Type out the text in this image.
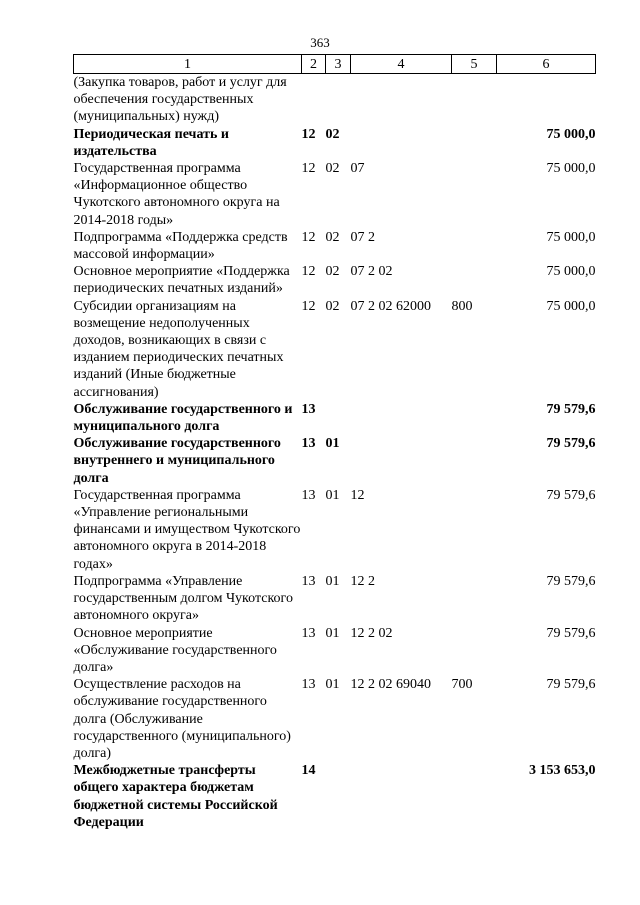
363
1	2	3	4	5	6
(Закупка товаров, работ и услуг для обеспечения государственных (муниципальных) нужд)					
Периодическая печать и издательства	12	02			75 000,0
Государственная программа «Информационное общество Чукотского автономного округа на 2014-2018 годы»	12	02	07		75 000,0
Подпрограмма «Поддержка средств массовой информации»	12	02	07 2		75 000,0
Основное мероприятие «Поддержка периодических печатных изданий»	12	02	07 2 02		75 000,0
Субсидии организациям на возмещение недополученных доходов, возникающих в связи с изданием периодических печатных изданий (Иные бюджетные ассигнования)	12	02	07 2 02 62000	800	75 000,0
Обслуживание государственного и муниципального долга	13				79 579,6
Обслуживание государственного внутреннего и муниципального долга	13	01			79 579,6
Государственная программа «Управление региональными финансами и имуществом Чукотского автономного округа в 2014-2018 годах»	13	01	12		79 579,6
Подпрограмма «Управление государственным долгом Чукотского автономного округа»	13	01	12 2		79 579,6
Основное мероприятие «Обслуживание государственного долга»	13	01	12 2 02		79 579,6
Осуществление расходов на обслуживание государственного долга (Обслуживание государственного (муниципального) долга)	13	01	12 2 02 69040	700	79 579,6
Межбюджетные трансферты общего характера бюджетам бюджетной системы Российской Федерации	14				3 153 653,0
